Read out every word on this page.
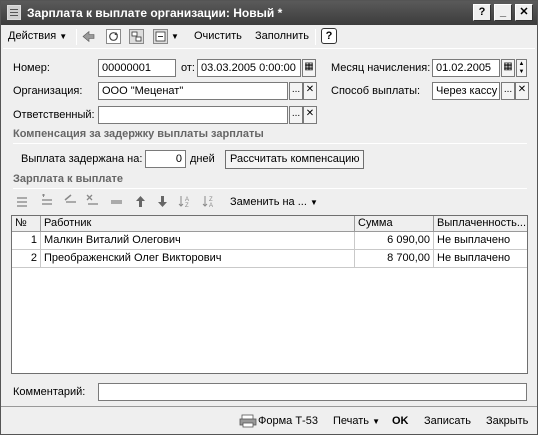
Зарплата к выплате организации: Новый *	?	_	✕
Действия ▼	▼ Очистить Заполнить	?
Номер:	00000001	от: 03.03.2005 0:00:00 ▦ Месяц начисления: 01.02.2005	▦ ▲
▼
Организация:	ООО "Меценат"	... ✕ Способ выплаты:	Через кассу ... ✕
Ответственный:	... ✕
Компенсация за задержку выплаты зарплаты
Выплата задержана на:	0 дней	Рассчитать компенсацию
Зарплата к выплате
A
Z
Z
A Заменить на ... ▼
№	Работник	Сумма	Выплаченность...
1 Малкин Виталий Олегович	6 090,00 Не выплачено
2 Преображенский Олег Викторович	8 700,00 Не выплачено
Комментарий:
Форма Т-53 Печать ▼ OK Записать Закрыть
